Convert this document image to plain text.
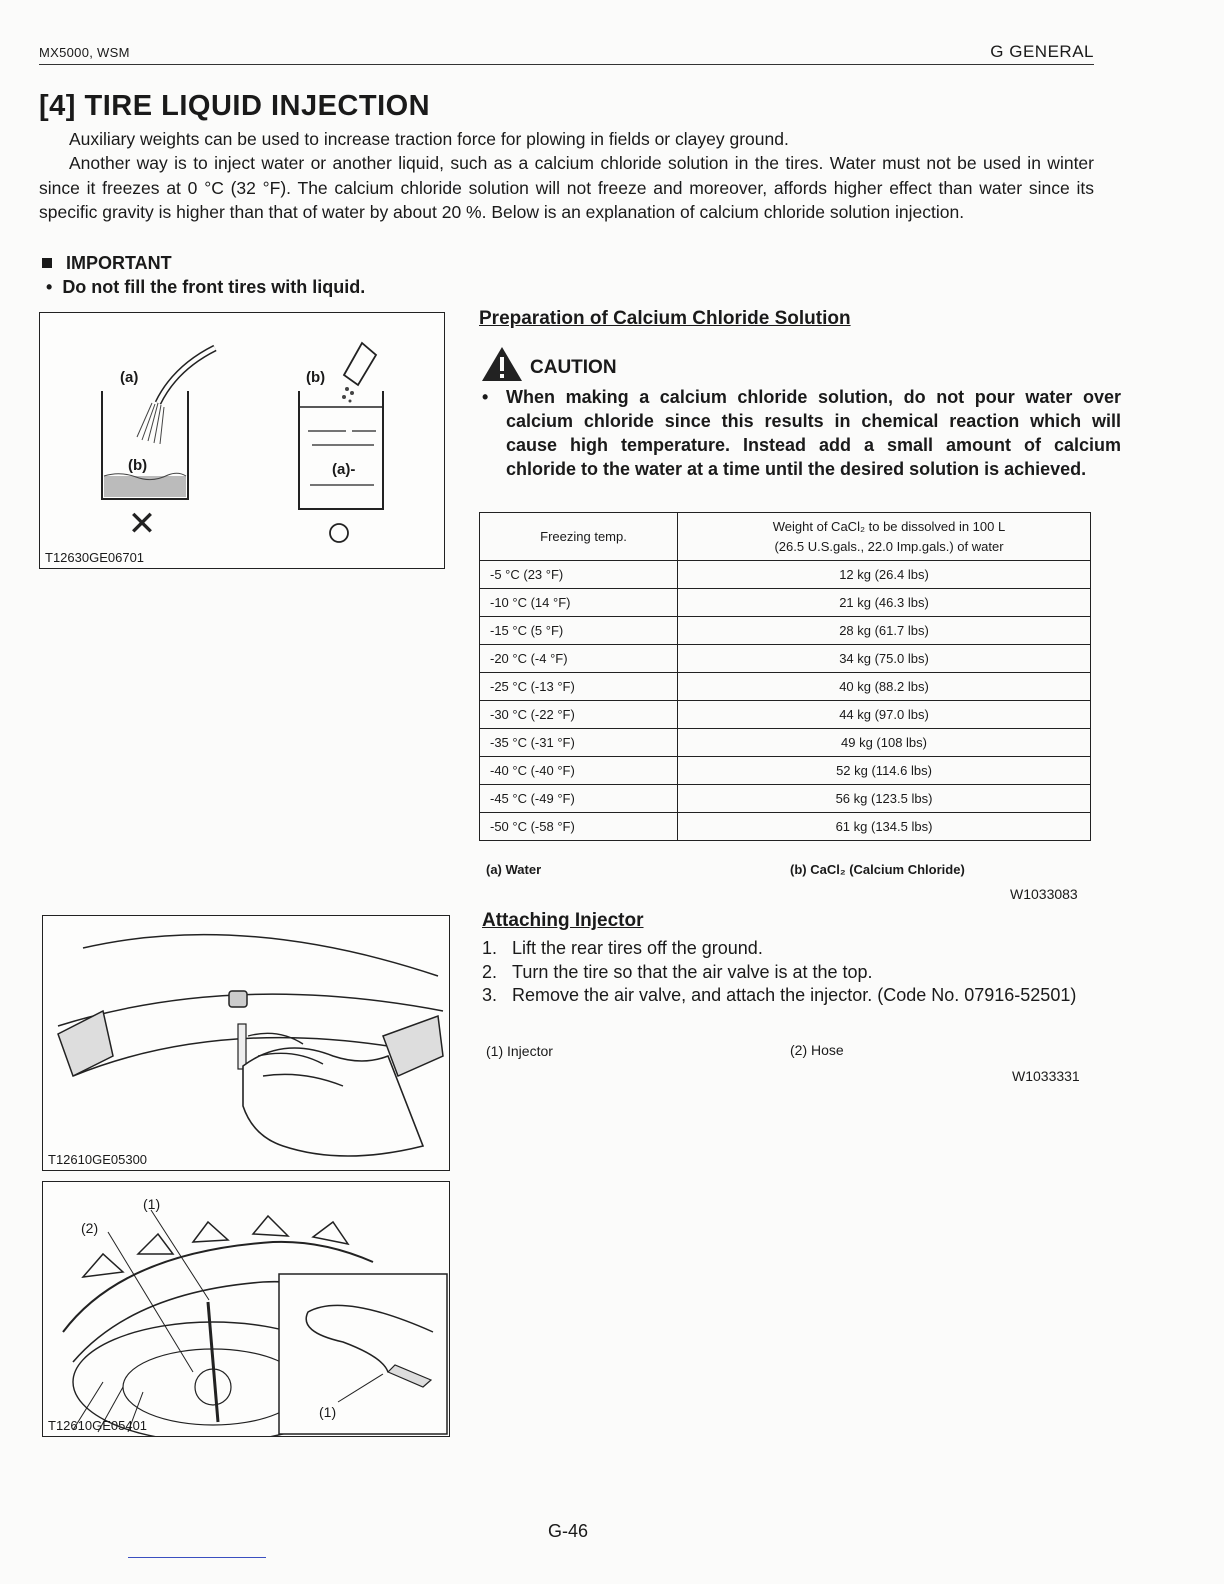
MX5000, WSM	G GENERAL
[4] TIRE LIQUID INJECTION
Auxiliary weights can be used to increase traction force for plowing in fields or clayey ground.
Another way is to inject water or another liquid, such as a calcium chloride solution in the tires. Water must not be used in winter since it freezes at 0 °C (32 °F). The calcium chloride solution will not freeze and moreover, affords higher effect than water since its specific gravity is higher than that of water by about 20 %. Below is an explanation of calcium chloride solution injection.
IMPORTANT
•  Do not fill the front tires with liquid.
✕
○
(a)
(b)
(b)
(a)-
T12630GE06701
Preparation of Calcium Chloride Solution
CAUTION
• When making a calcium chloride solution, do not pour water over calcium chloride since this results in chemical reaction which will cause high temperature. Instead add a small amount of calcium chloride to the water at a time until the desired solution is achieved.
Freezing temp.	Weight of CaCl₂ to be dissolved in 100 L
(26.5 U.S.gals., 22.0 Imp.gals.) of water
-5 °C (23 °F)	12 kg (26.4 lbs)
-10 °C (14 °F)	21 kg (46.3 lbs)
-15 °C (5 °F)	28 kg (61.7 lbs)
-20 °C (-4 °F)	34 kg (75.0 lbs)
-25 °C (-13 °F)	40 kg (88.2 lbs)
-30 °C (-22 °F)	44 kg (97.0 lbs)
-35 °C (-31 °F)	49 kg (108 lbs)
-40 °C (-40 °F)	52 kg (114.6 lbs)
-45 °C (-49 °F)	56 kg (123.5 lbs)
-50 °C (-58 °F)	61 kg (134.5 lbs)
(a) Water	(b) CaCl₂ (Calcium Chloride)
W1033083
T12610GE05300
(1)
(2)
(1)
T12610GE05401
Attaching Injector
1. Lift the rear tires off the ground.
2. Turn the tire so that the air valve is at the top.
3. Remove the air valve, and attach the injector. (Code No. 07916-52501)
(1) Injector	(2) Hose
W1033331
G-46
